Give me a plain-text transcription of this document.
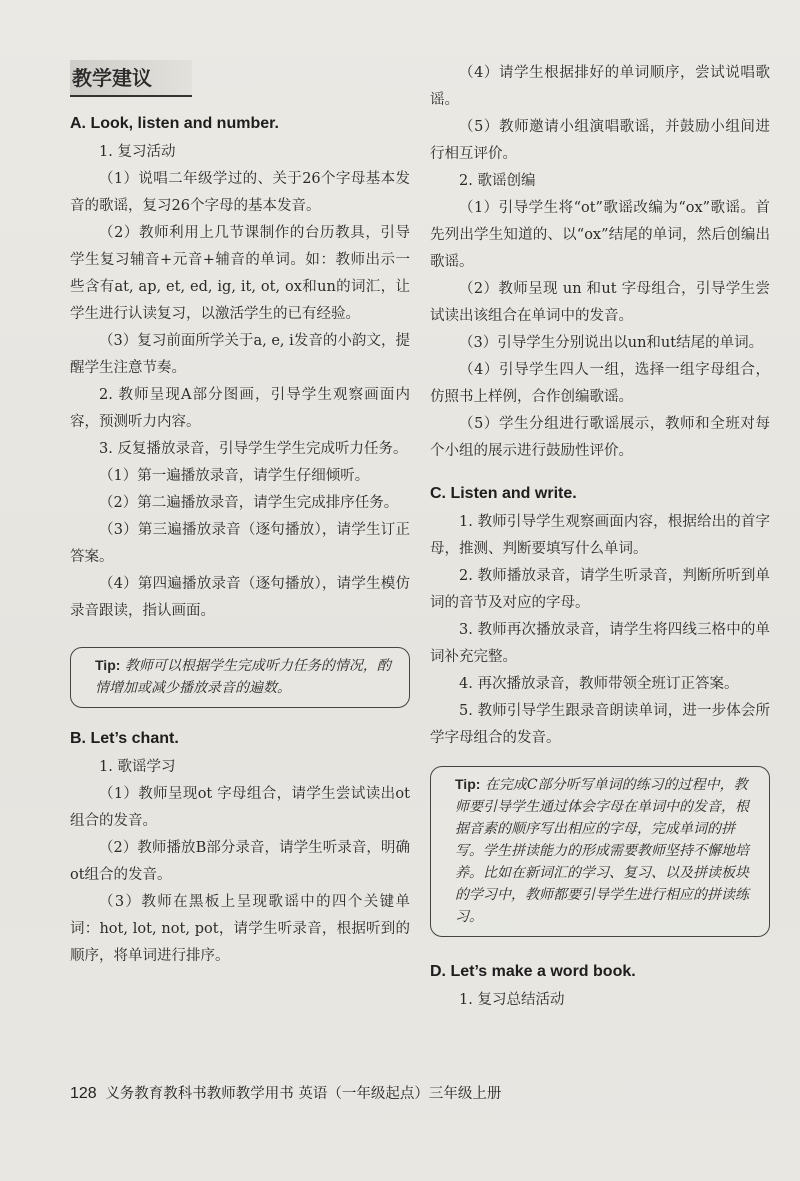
教学建议
A. Look, listen and number.

1. 复习活动

（1）说唱二年级学过的、关于26个字母基本发音的歌谣，复习26个字母的基本发音。

（2）教师利用上几节课制作的台历教具，引导学生复习辅音+元音+辅音的单词。如：教师出示一些含有at, ap, et, ed, ig, it, ot, ox和un的词汇，让学生进行认读复习，以激活学生的已有经验。

（3）复习前面所学关于a, e, i发音的小韵文，提醒学生注意节奏。

2. 教师呈现A部分图画，引导学生观察画面内容，预测听力内容。

3. 反复播放录音，引导学生学生完成听力任务。

（1）第一遍播放录音，请学生仔细倾听。

（2）第二遍播放录音，请学生完成排序任务。

（3）第三遍播放录音（逐句播放），请学生订正答案。

（4）第四遍播放录音（逐句播放），请学生模仿录音跟读，指认画面。

Tip: 教师可以根据学生完成听力任务的情况，酌情增加或减少播放录音的遍数。
B. Let’s chant.

1. 歌谣学习

（1）教师呈现ot 字母组合，请学生尝试读出ot组合的发音。

（2）教师播放B部分录音，请学生听录音，明确ot组合的发音。

（3）教师在黑板上呈现歌谣中的四个关键单词：hot, lot, not, pot，请学生听录音，根据听到的顺序，将单词进行排序。

（4）请学生根据排好的单词顺序，尝试说唱歌谣。

（5）教师邀请小组演唱歌谣，并鼓励小组间进行相互评价。

2. 歌谣创编

（1）引导学生将“ot”歌谣改编为“ox”歌谣。首先列出学生知道的、以“ox”结尾的单词，然后创编出歌谣。

（2）教师呈现 un 和ut 字母组合，引导学生尝试读出该组合在单词中的发音。

（3）引导学生分别说出以un和ut结尾的单词。

（4）引导学生四人一组，选择一组字母组合，仿照书上样例，合作创编歌谣。

（5）学生分组进行歌谣展示，教师和全班对每个小组的展示进行鼓励性评价。

C. Listen and write.

1. 教师引导学生观察画面内容，根据给出的首字母，推测、判断要填写什么单词。

2. 教师播放录音，请学生听录音，判断所听到单词的音节及对应的字母。

3. 教师再次播放录音，请学生将四线三格中的单词补充完整。

4. 再次播放录音，教师带领全班订正答案。

5. 教师引导学生跟录音朗读单词，进一步体会所学字母组合的发音。

Tip: 在完成C部分听写单词的练习的过程中，教师要引导学生通过体会字母在单词中的发音，根据音素的顺序写出相应的字母，完成单词的拼写。学生拼读能力的形成需要教师坚持不懈地培养。比如在新词汇的学习、复习、以及拼读板块的学习中，教师都要引导学生进行相应的拼读练习。
D. Let’s make a word book.

1. 复习总结活动

128 义务教育教科书教师教学用书 英语（一年级起点）三年级上册
